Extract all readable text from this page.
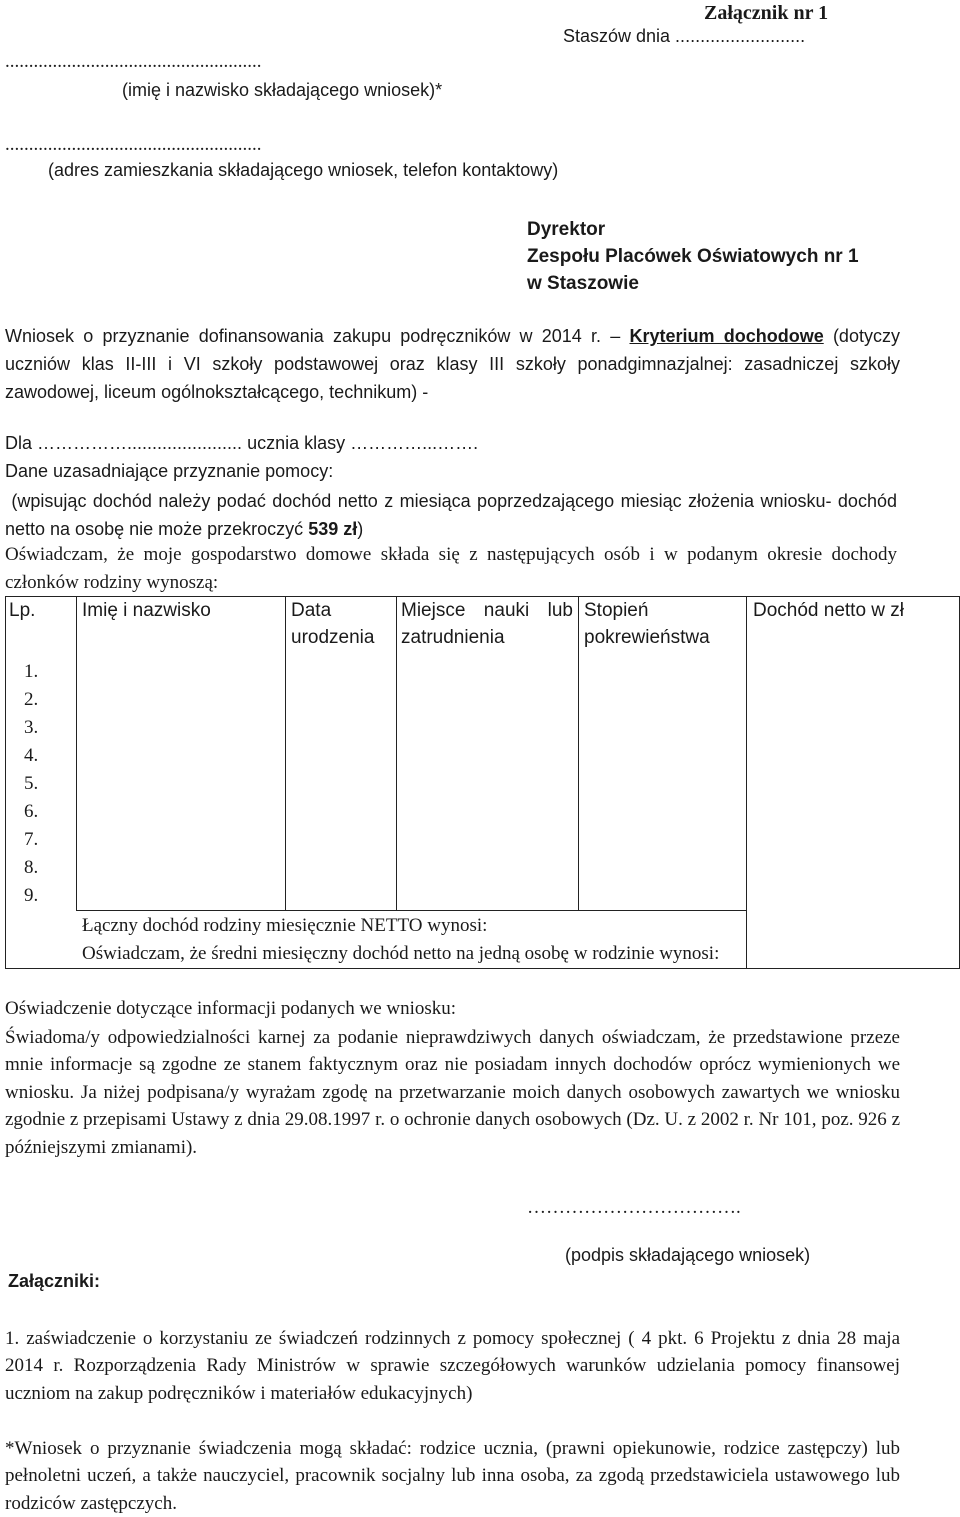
Załącznik nr 1
Staszów dnia ..........................
......................................................
(imię i nazwisko składającego wniosek)*
......................................................
(adres zamieszkania składającego wniosek, telefon kontaktowy)
Dyrektor
Zespołu Placówek Oświatowych nr 1
w Staszowie
Wniosek o przyznanie dofinansowania zakupu podręczników w 2014 r. – Kryterium dochodowe (dotyczy uczniów klas II-III i VI szkoły podstawowej oraz klasy III szkoły ponadgimnazjalnej: zasadniczej szkoły zawodowej, liceum ogólnokształcącego, technikum) -
Dla ……………....................... ucznia klasy …………...…….
Dane uzasadniające przyznanie pomocy:
(wpisując dochód należy podać dochód netto z miesiąca poprzedzającego miesiąc złożenia wniosku- dochód netto na osobę nie może przekroczyć 539 zł)
Oświadczam, że moje gospodarstwo domowe składa się z następujących osób i w podanym okresie dochody członków rodziny wynoszą:
Lp. Imię i nazwisko	Data urodzenia
Miejsce nauki lub zatrudnienia
Stopień pokrewieństwa
Dochód netto w zł
1.
2.
3.
4.
5.
6.
7.
8.
9.
Łączny dochód rodziny miesięcznie NETTO wynosi:
Oświadczam, że średni miesięczny dochód netto na jedną osobę w rodzinie wynosi:
Oświadczenie dotyczące informacji podanych we wniosku:
Świadoma/y odpowiedzialności karnej za podanie nieprawdziwych danych oświadczam, że przedstawione przeze mnie informacje są zgodne ze stanem faktycznym oraz nie posiadam innych dochodów oprócz wymienionych we wniosku. Ja niżej podpisana/y wyrażam zgodę na przetwarzanie moich danych osobowych zawartych we wniosku zgodnie z przepisami Ustawy z dnia 29.08.1997 r. o ochronie danych osobowych (Dz. U. z 2002 r. Nr 101, poz. 926 z późniejszymi zmianami).
…………………………….
(podpis składającego wniosek)
Załączniki:
1. zaświadczenie o korzystaniu ze świadczeń rodzinnych z pomocy społecznej ( 4 pkt. 6 Projektu z dnia 28 maja 2014 r. Rozporządzenia Rady Ministrów w sprawie szczegółowych warunków udzielania pomocy finansowej uczniom na zakup podręczników i materiałów edukacyjnych)
*Wniosek o przyznanie świadczenia mogą składać: rodzice ucznia, (prawni opiekunowie, rodzice zastępczy) lub pełnoletni uczeń, a także nauczyciel, pracownik socjalny lub inna osoba, za zgodą przedstawiciela ustawowego lub rodziców zastępczych.
